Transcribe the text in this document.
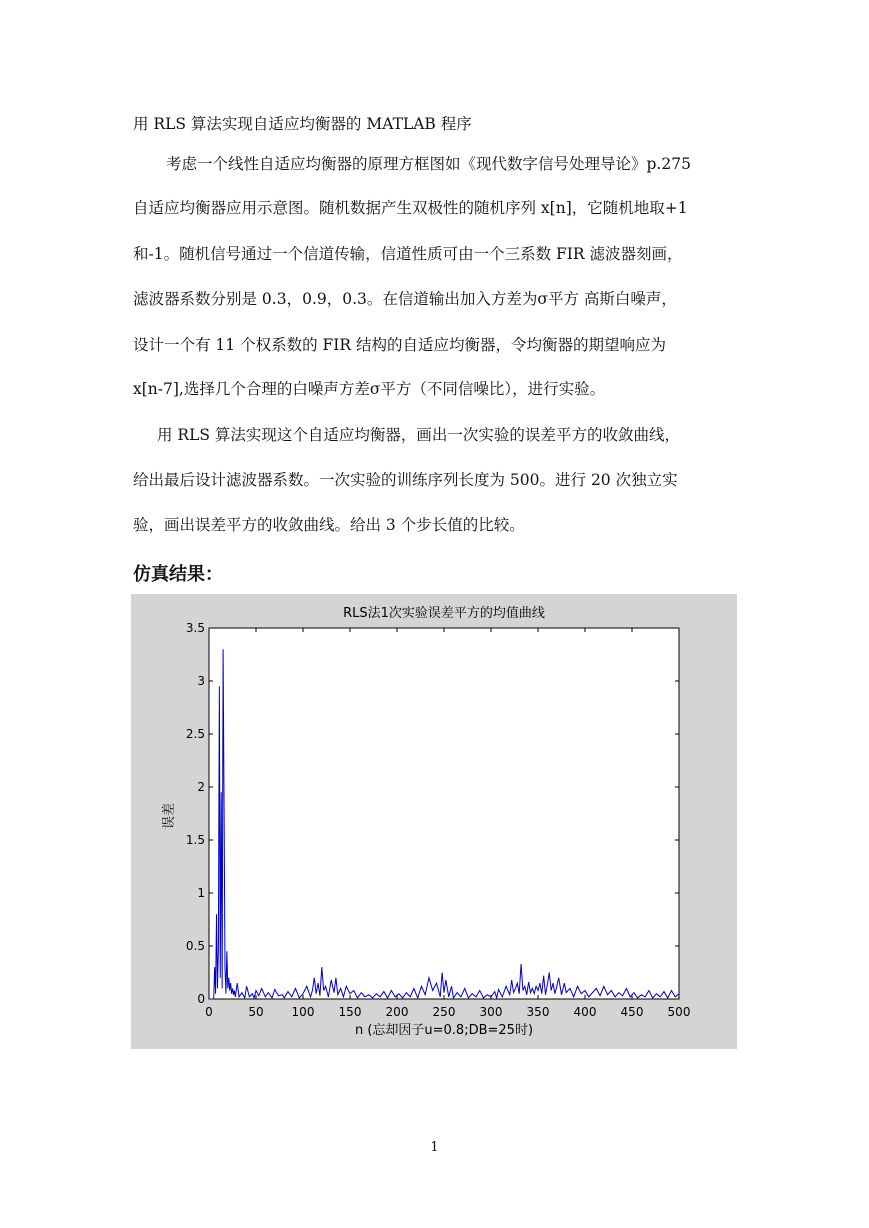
用 RLS 算法实现自适应均衡器的 MATLAB 程序
考虑一个线性自适应均衡器的原理方框图如《现代数字信号处理导论》p.275
自适应均衡器应用示意图。随机数据产生双极性的随机序列 x[n]，它随机地取+1
和-1。随机信号通过一个信道传输，信道性质可由一个三系数 FIR 滤波器刻画，
滤波器系数分别是 0.3，0.9，0.3。在信道输出加入方差为σ平方 高斯白噪声，
设计一个有 11 个权系数的 FIR 结构的自适应均衡器，令均衡器的期望响应为
x[n-7],选择几个合理的白噪声方差σ平方（不同信噪比），进行实验。
用 RLS 算法实现这个自适应均衡器，画出一次实验的误差平方的收敛曲线，
给出最后设计滤波器系数。一次实验的训练序列长度为 500。进行 20 次独立实
验，画出误差平方的收敛曲线。给出 3 个步长值的比较。
仿真结果：
RLS法1次实验误差平方的均值曲线
n (忘却因子u=0.8;DB=25时)
误差
0	50 100 150 200 250 300 350 400 450 500
0
0.5
1
1.5
2
2.5
3
3.5
1
